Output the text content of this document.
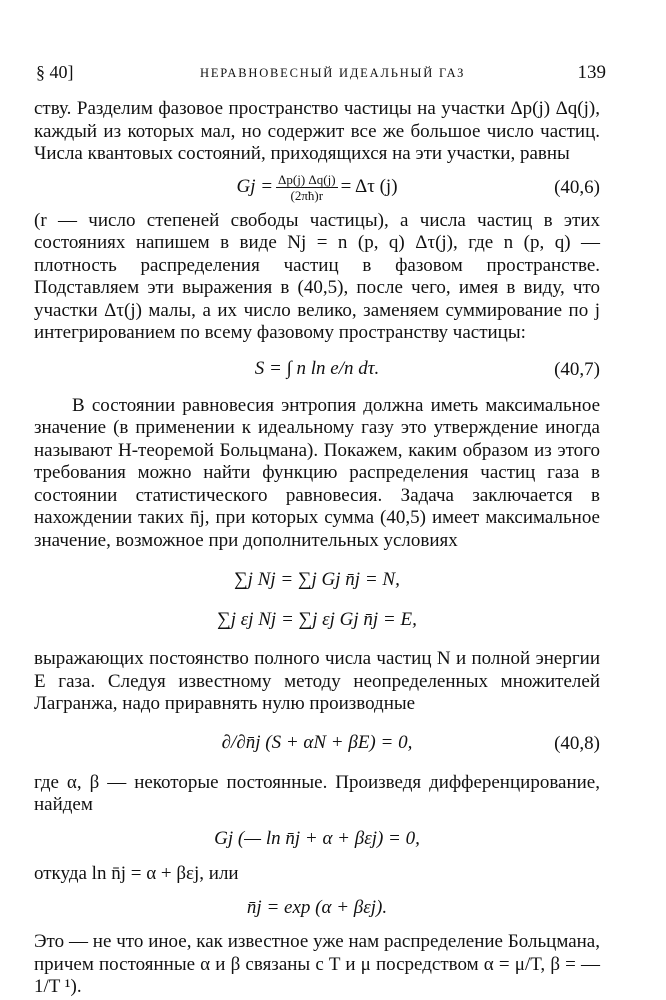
§ 40]	НЕРАВНОВЕСНЫЙ ИДЕАЛЬНЫЙ ГАЗ	139

ству. Разделим фазовое пространство частицы на участки Δp(j) Δq(j), каждый из которых мал, но содержит все же большое число частиц. Числа квантовых состояний, приходящихся на эти участки, равны

$Gj = \frac{\Delta p(j) \Delta q(j)}{(2\pi ħ)r} = \Delta\tau$ (j)	(40,6)

(r — число степеней свободы частицы), а числа частиц в этих состояниях напишем в виде Nj = n (p, q) Δτ(j), где n (p, q) — плотность распределения частиц в фазовом пространстве. Подставляем эти выражения в (40,5), после чего, имея в виду, что участки Δτ(j) малы, а их число велико, заменяем суммирование по j интегрированием по всему фазовому пространству частицы:

S = ∫ n ln e/n dτ.	(40,7)

В состоянии равновесия энтропия должна иметь максимальное значение (в применении к идеальному газу это утверждение иногда называют H-теоремой Больцмана). Покажем, каким образом из этого требования можно найти функцию распределения частиц газа в состоянии статистического равновесия. Задача заключается в нахождении таких n̄j, при которых сумма (40,5) имеет максимальное значение, возможное при дополнительных условиях

∑j Nj = ∑j Gj n̄j = N,
∑j εj Nj = ∑j εj Gj n̄j = E,

выражающих постоянство полного числа частиц N и полной энергии E газа. Следуя известному методу неопределенных множителей Лагранжа, надо приравнять нулю производные

∂/∂n̄j (S + αN + βE) = 0,	(40,8)

где α, β — некоторые постоянные. Произведя дифференцирование, найдем

Gj (— ln n̄j + α + βεj) = 0,

откуда ln n̄j = α + βεj, или

n̄j = exp (α + βεj).

Это — не что иное, как известное уже нам распределение Больцмана, причем постоянные α и β связаны с T и μ посредством α = μ/T, β = —1/T ¹).
